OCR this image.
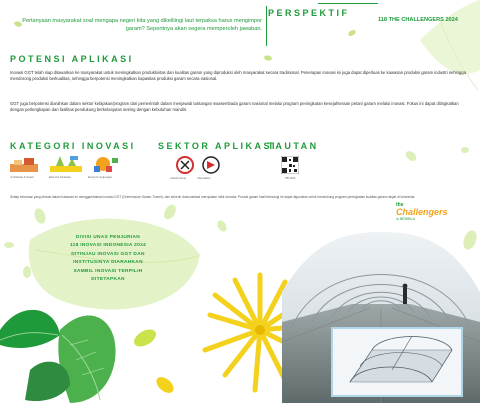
PERSPEKTIF
118 THE CHALLENGERS 2024
Pertanyaan masyarakat soal mengapa negeri kita yang dikelilingi laut terpaksa harus mengimpor garam? Sepertinya akan segera memperoleh jawaban.
POTENSI APLIKASI
Inovasi GGT telah siap ditawarkan ke masyarakat untuk meningkatkan produktivitas dan kualitas garam yang diproduksi oleh masyarakat secara tradisional. Penerapan inovasi ini juga dapat diperluas ke kawasan produksi garam industri sehingga mendorong produksi berkualitas, sehingga berpotensi meningkatkan kapasitas produksi garam secara nasional.
GGT juga berpotensi diarahkan dalam sektor kebijakan/program dari pemerintah dalam menjawab tantangan swasembada garam nasional melalui program peningkatan kesejahteraan petani garam melalui inovasi. Fokus ini dapat ditingkatkan dengan perlengkapan dan fasilitas pendukung berkelanjutan seiring dengan kebutuhan mandiri.
KATEGORI INOVASI
Kehidupan & Sosial	Ekonomi Pertanian	Energi & Lingkungan
SEKTOR APLIKASI
Industri Kimia	Manufaktur
TAUTAN
ITB 2024
Setiap informasi yang dimuat dalam halaman ini menggambarkan inovasi GGT (Greenhouse Garam Tunnel), dan seluruh dokumentasi merupakan milik inovator. Produk garam hasil teknologi ini dapat digunakan untuk mendukung program peningkatan kualitas garam rakyat di Indonesia.
the
Challengers
in NEWBLU
DIVISI UNAS PENJURIAN
118 INOVASI INDONESIA 2024
DITINJAU INOVASI GGT DAN
INSTITUSINYA DIARAHKAN
SAMBIL INOVASI TERPILIH
DITETAPKAN
